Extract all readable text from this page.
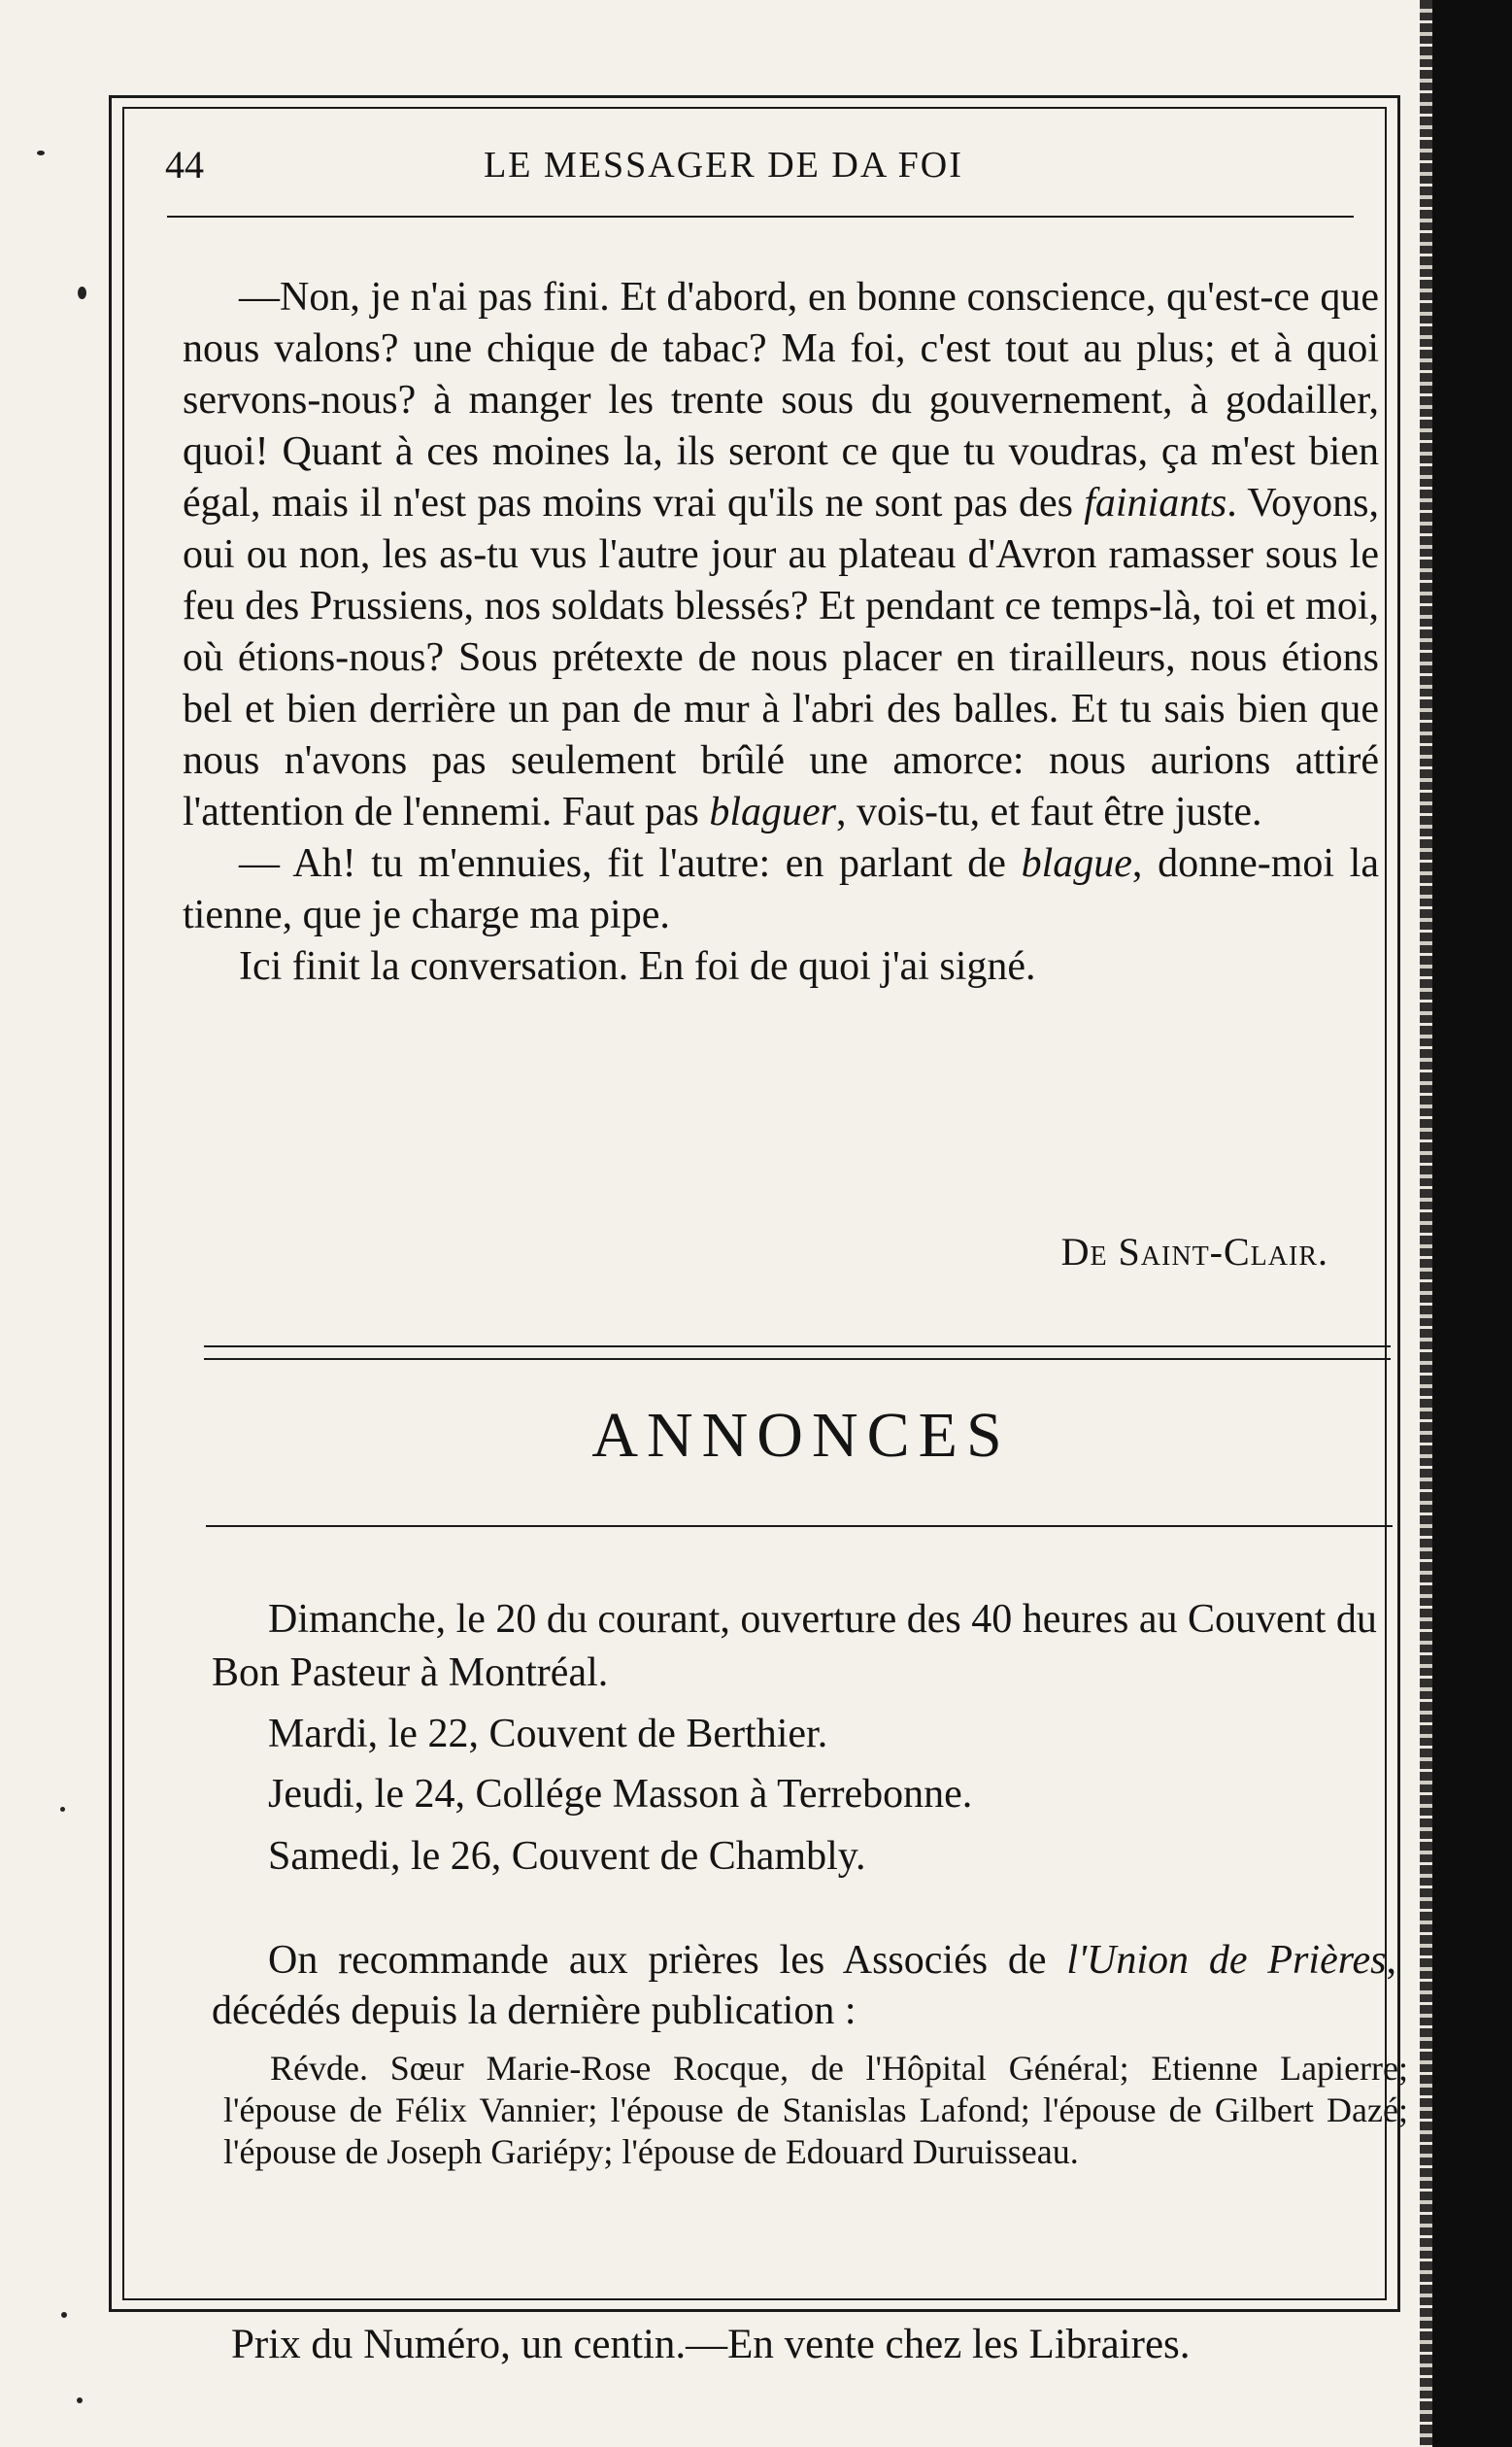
44	LE MESSAGER DE DA FOI

—Non, je n'ai pas fini. Et d'abord, en bonne conscience, qu'est-ce que nous valons? une chique de tabac? Ma foi, c'est tout au plus; et à quoi servons-nous? à manger les trente sous du gouvernement, à godailler, quoi! Quant à ces moines la, ils seront ce que tu voudras, ça m'est bien égal, mais il n'est pas moins vrai qu'ils ne sont pas des fainiants. Voyons, oui ou non, les as-tu vus l'autre jour au plateau d'Avron ramasser sous le feu des Prussiens, nos soldats blessés? Et pendant ce temps-là, toi et moi, où étions-nous? Sous prétexte de nous placer en tirailleurs, nous étions bel et bien derrière un pan de mur à l'abri des balles. Et tu sais bien que nous n'avons pas seulement brûlé une amorce: nous aurions attiré l'attention de l'ennemi. Faut pas blaguer, vois-tu, et faut être juste.

— Ah! tu m'ennuies, fit l'autre: en parlant de blague, donne-moi la tienne, que je charge ma pipe.

Ici finit la conversation. En foi de quoi j'ai signé.

De Saint-Clair.
ANNONCES
Dimanche, le 20 du courant, ouverture des 40 heures au Couvent du Bon Pasteur à Montréal.
Mardi, le 22, Couvent de Berthier.
Jeudi, le 24, Collége Masson à Terrebonne.
Samedi, le 26, Couvent de Chambly.
On recommande aux prières les Associés de l'Union de Prières, décédés depuis la dernière publication :
Révde. Sœur Marie-Rose Rocque, de l'Hôpital Général; Etienne Lapierre; l'épouse de Félix Vannier; l'épouse de Stanislas Lafond; l'épouse de Gilbert Dazé; l'épouse de Joseph Gariépy; l'épouse de Edouard Duruisseau.
Prix du Numéro, un centin.—En vente chez les Libraires.
